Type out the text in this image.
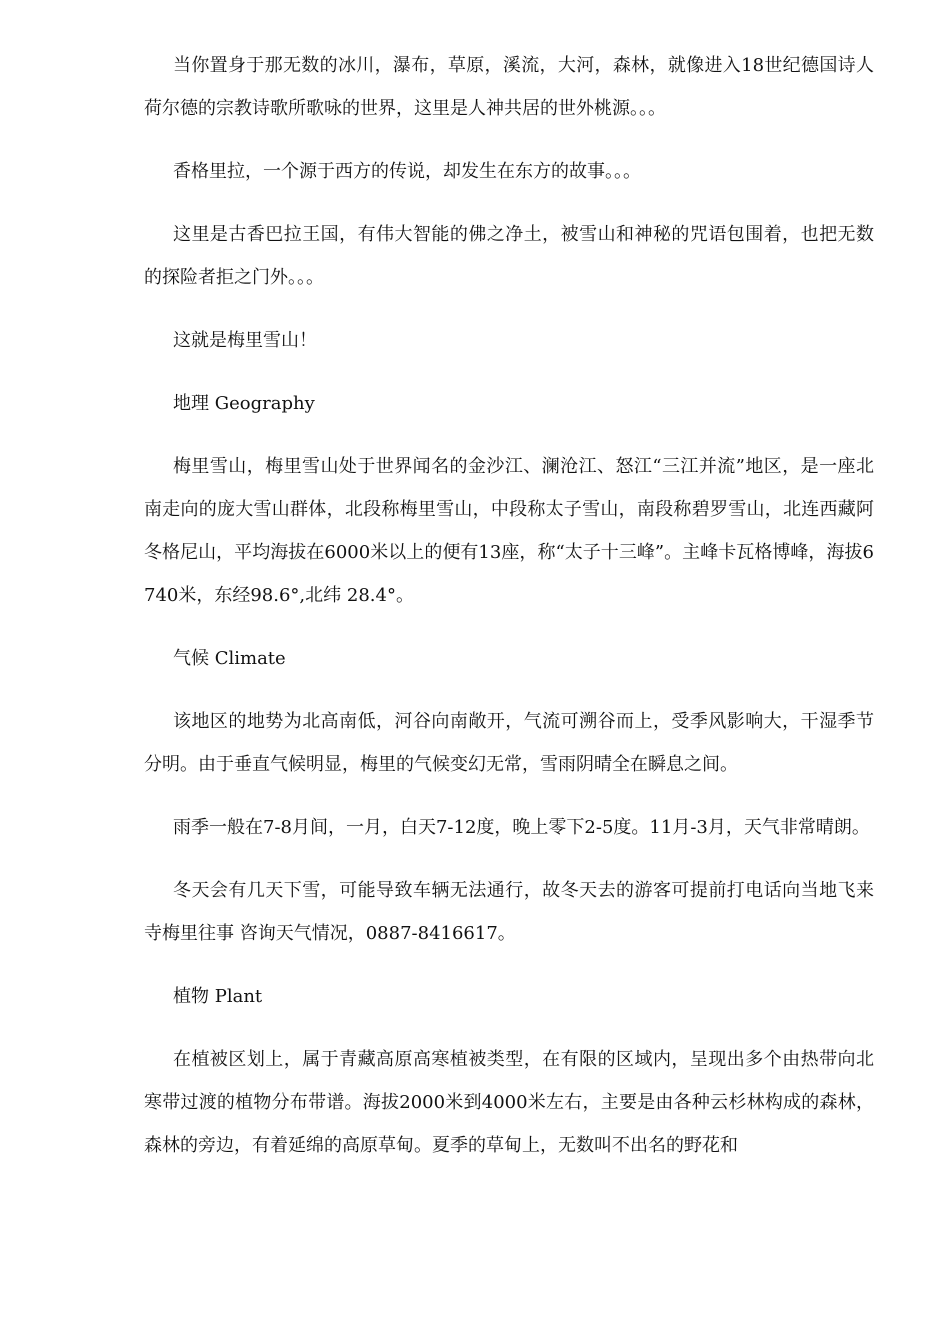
当你置身于那无数的冰川，瀑布，草原，溪流，大河，森林，就像进入18世纪德国诗人荷尔德的宗教诗歌所歌咏的世界，这里是人神共居的世外桃源。。。

香格里拉，一个源于西方的传说，却发生在东方的故事。。。

这里是古香巴拉王国，有伟大智能的佛之净土，被雪山和神秘的咒语包围着，也把无数的探险者拒之门外。。。

这就是梅里雪山！

地理 Geography

梅里雪山，梅里雪山处于世界闻名的金沙江、澜沧江、怒江“三江并流”地区，是一座北南走向的庞大雪山群体，北段称梅里雪山，中段称太子雪山，南段称碧罗雪山，北连西藏阿冬格尼山，平均海拔在6000米以上的便有13座，称“太子十三峰”。主峰卡瓦格博峰，海拔6740米，东经98.6°,北纬 28.4°。

气候 Climate

该地区的地势为北高南低，河谷向南敞开，气流可溯谷而上，受季风影响大，干湿季节分明。由于垂直气候明显，梅里的气候变幻无常，雪雨阴晴全在瞬息之间。

雨季一般在7-8月间，一月，白天7-12度，晚上零下2-5度。11月-3月，天气非常晴朗。

冬天会有几天下雪，可能导致车辆无法通行，故冬天去的游客可提前打电话向当地飞来寺梅里往事 咨询天气情况，0887-8416617。

植物 Plant

在植被区划上，属于青藏高原高寒植被类型，在有限的区域内，呈现出多个由热带向北寒带过渡的植物分布带谱。海拔2000米到4000米左右，主要是由各种云杉林构成的森林，森林的旁边，有着延绵的高原草甸。夏季的草甸上，无数叫不出名的野花和
